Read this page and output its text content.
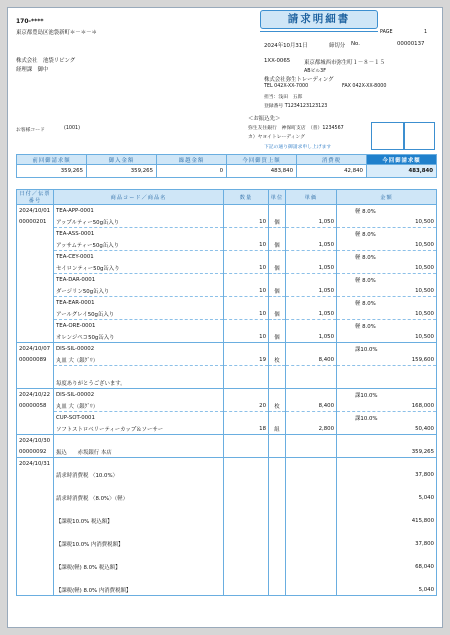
170-****
東京都豊島区池袋新町＊－＊－＊
株式会社　池袋リビング
経理課　御中
お客様コード	(1001)
請求明細書
PAGE	1
2024年10月31日	締切分 No.	00000137
1XX-0065	東京都城西市弥生町１－８－１５
ABビル3F
株式会社弥生トレーディング
TEL 042X-XX-7000	FAX 042X-XX-8000
担当：浅田　五郎
登録番号 T1234123123123
＜お振込先＞
弥生友住銀行　神保町支店　（普）1234567
カ）ヤヨイトレーディング
下記の通り御請求申し上げます
前回御請求額	御入金額	繰越金額	今回御買上額	消費税	今回御請求額
359,265	359,265	0	483,840	42,840	483,840
日付／伝票番号	商品コード／商品名	数量	単位	単価	金額
2024/10/01	TEA-APP-0001				軽 8.0%
00000201	アップルティー50g缶入り	10	個	1,050	10,500
	TEA-ASS-0001				軽 8.0%
	アッサムティー50g缶入り	10	個	1,050	10,500
	TEA-CEY-0001				軽 8.0%
	セイロンティー50g缶入り	10	個	1,050	10,500
	TEA-DAR-0001				軽 8.0%
	ダージリン50g缶入り	10	個	1,050	10,500
	TEA-EAR-0001				軽 8.0%
	アールグレイ50g缶入り	10	個	1,050	10,500
	TEA-ORE-0001				軽 8.0%
	オレンジペコ50g缶入り	10	個	1,050	10,500
2024/10/07	DIS-SIL-00002				課10.0%
00000089	丸皿 大（銀ｸﾞﾘ）	19	枚	8,400	159,600

	毎度ありがとうございます。				
2024/10/22	DIS-SIL-00002				課10.0%
00000058	丸皿 大（銀ｸﾞﾘ）	20	枚	8,400	168,000
	CUP-SOT-0001				課10.0%
	ソフトストロベリーティーカップ＆ソーサー	18	組	2,800	50,400
2024/10/30					
00000092	振込　　赤坂銀行 本店				359,265
2024/10/31					
	請求時消費税 〈10.0%〉				37,800

	請求時消費税 〈8.0%〉（軽）				5,040

	【課税10.0% 税込額】				415,800

	【課税10.0% 内消費税額】				37,800

	【課税(軽) 8.0% 税込額】				68,040

	【課税(軽) 8.0% 内消費税額】				5,040
